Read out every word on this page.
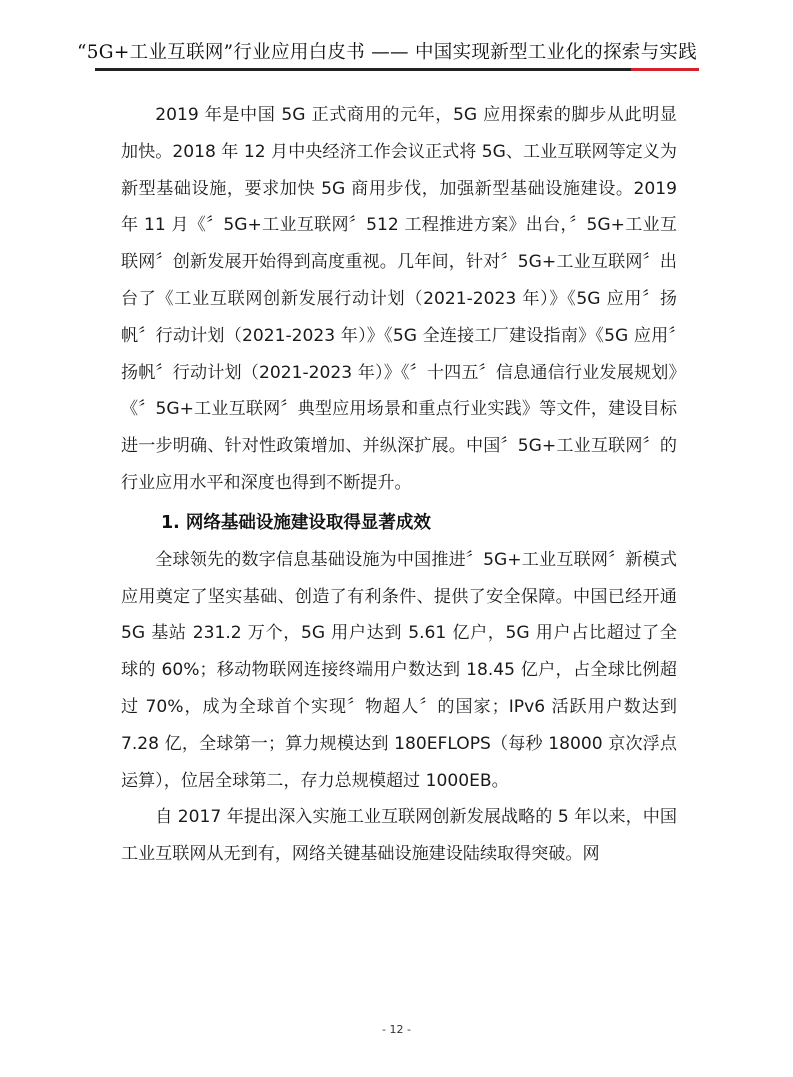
“5G+工业互联网”行业应用白皮书 —— 中国实现新型工业化的探索与实践

2019 年是中国 5G 正式商用的元年，5G 应用探索的脚步从此明显加快。2018 年 12 月中央经济工作会议正式将 5G、工业互联网等定义为新型基础设施，要求加快 5G 商用步伐，加强新型基础设施建设。2019 年 11 月《〞5G+工业互联网〞512 工程推进方案》出台，〞5G+工业互联网〞创新发展开始得到高度重视。几年间，针对〞5G+工业互联网〞出台了《工业互联网创新发展行动计划（2021-2023 年）》《5G 应用〞扬帆〞行动计划（2021-2023 年）》《5G 全连接工厂建设指南》《5G 应用〞扬帆〞行动计划（2021-2023 年）》《〞十四五〞信息通信行业发展规划》《〞5G+工业互联网〞典型应用场景和重点行业实践》等文件，建设目标进一步明确、针对性政策增加、并纵深扩展。中国〞5G+工业互联网〞的行业应用水平和深度也得到不断提升。

1. 网络基础设施建设取得显著成效

全球领先的数字信息基础设施为中国推进〞5G+工业互联网〞新模式应用奠定了坚实基础、创造了有利条件、提供了安全保障。中国已经开通 5G 基站 231.2 万个，5G 用户达到 5.61 亿户，5G 用户占比超过了全球的 60%；移动物联网连接终端用户数达到 18.45 亿户，占全球比例超过 70%，成为全球首个实现〞物超人〞的国家；IPv6 活跃用户数达到 7.28 亿，全球第一；算力规模达到 180EFLOPS（每秒 18000 京次浮点运算），位居全球第二，存力总规模超过 1000EB。

自 2017 年提出深入实施工业互联网创新发展战略的 5 年以来，中国工业互联网从无到有，网络关键基础设施建设陆续取得突破。网

- 12 -
